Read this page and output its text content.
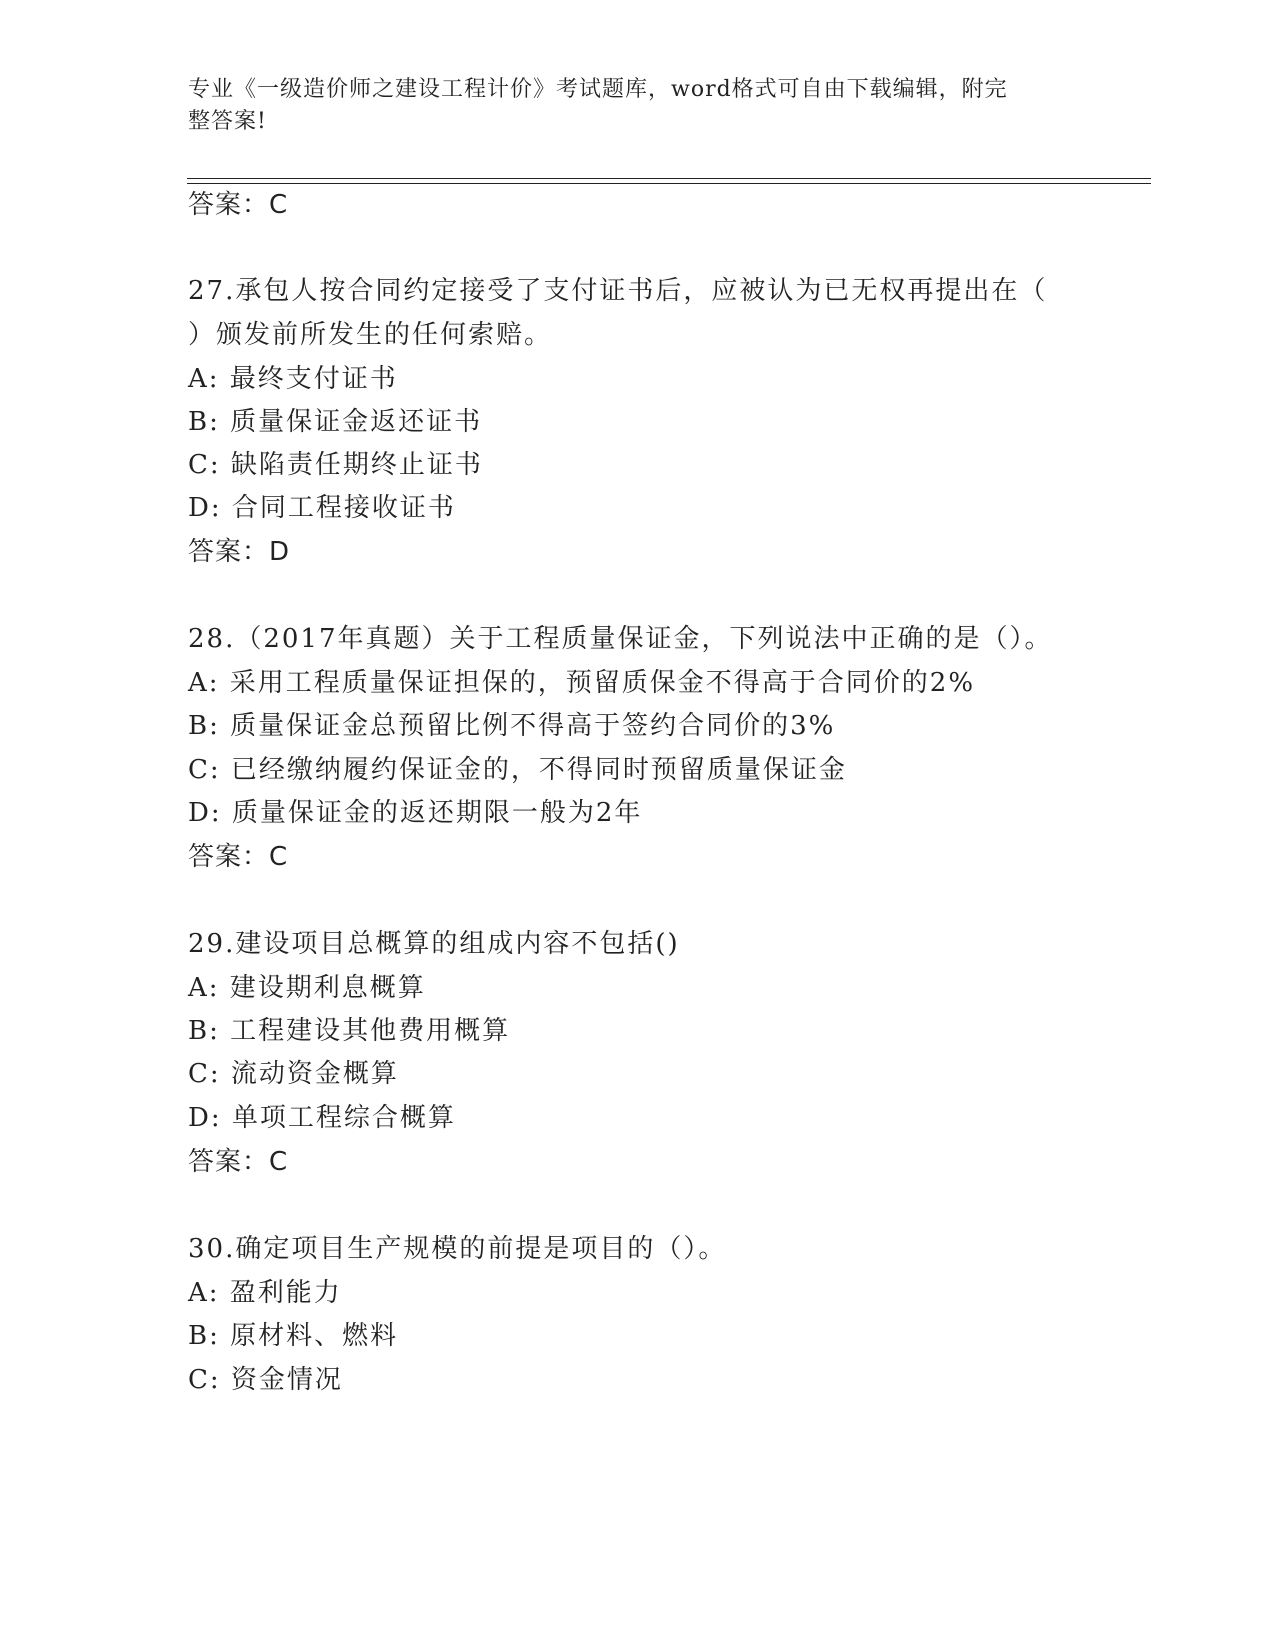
专业《一级造价师之建设工程计价》考试题库，word格式可自由下载编辑，附完
整答案!
答案：C
27.承包人按合同约定接受了支付证书后，应被认为已无权再提出在（
）颁发前所发生的任何索赔。
A: 最终支付证书
B: 质量保证金返还证书
C: 缺陷责任期终止证书
D: 合同工程接收证书
答案：D
28.（2017年真题）关于工程质量保证金，下列说法中正确的是（）。
A: 采用工程质量保证担保的，预留质保金不得高于合同价的2%
B: 质量保证金总预留比例不得高于签约合同价的3%
C: 已经缴纳履约保证金的，不得同时预留质量保证金
D: 质量保证金的返还期限一般为2年
答案：C
29.建设项目总概算的组成内容不包括()
A: 建设期利息概算
B: 工程建设其他费用概算
C: 流动资金概算
D: 单项工程综合概算
答案：C
30.确定项目生产规模的前提是项目的（）。
A: 盈利能力
B: 原材料、燃料
C: 资金情况
